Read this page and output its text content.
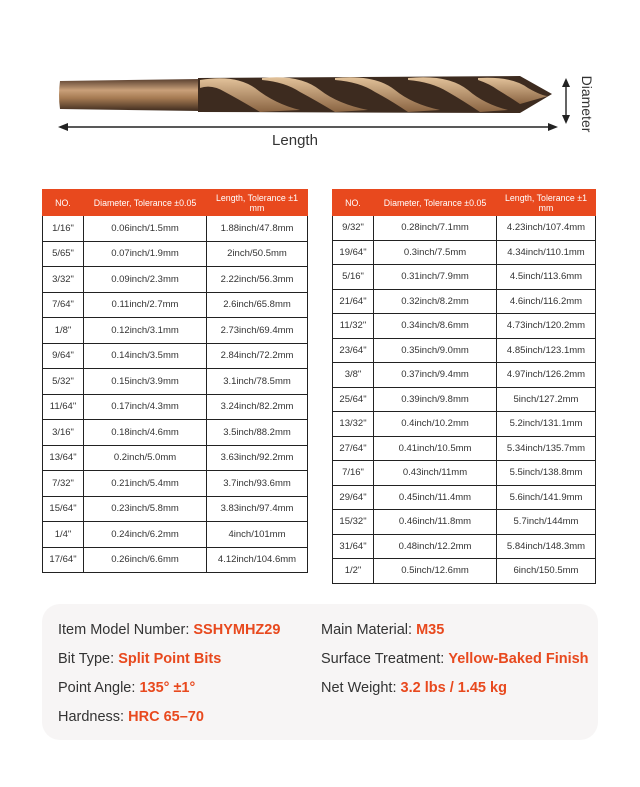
Length
Diameter
NO.	Diameter, Tolerance ±0.05	Length, Tolerance ±1 mm
1/16"	0.06inch/1.5mm	1.88inch/47.8mm
5/65"	0.07inch/1.9mm	2inch/50.5mm
3/32"	0.09inch/2.3mm	2.22inch/56.3mm
7/64"	0.11inch/2.7mm	2.6inch/65.8mm
1/8"	0.12inch/3.1mm	2.73inch/69.4mm
9/64"	0.14inch/3.5mm	2.84inch/72.2mm
5/32"	0.15inch/3.9mm	3.1inch/78.5mm
11/64"	0.17inch/4.3mm	3.24inch/82.2mm
3/16"	0.18inch/4.6mm	3.5inch/88.2mm
13/64"	0.2inch/5.0mm	3.63inch/92.2mm
7/32"	0.21inch/5.4mm	3.7inch/93.6mm
15/64"	0.23inch/5.8mm	3.83inch/97.4mm
1/4"	0.24inch/6.2mm	4inch/101mm
17/64"	0.26inch/6.6mm	4.12inch/104.6mm
NO.	Diameter, Tolerance ±0.05	Length, Tolerance ±1 mm
9/32"	0.28inch/7.1mm	4.23inch/107.4mm
19/64"	0.3inch/7.5mm	4.34inch/110.1mm
5/16"	0.31inch/7.9mm	4.5inch/113.6mm
21/64"	0.32inch/8.2mm	4.6inch/116.2mm
11/32"	0.34inch/8.6mm	4.73inch/120.2mm
23/64"	0.35inch/9.0mm	4.85inch/123.1mm
3/8"	0.37inch/9.4mm	4.97inch/126.2mm
25/64"	0.39inch/9.8mm	5inch/127.2mm
13/32"	0.4inch/10.2mm	5.2inch/131.1mm
27/64"	0.41inch/10.5mm	5.34inch/135.7mm
7/16"	0.43inch/11mm	5.5inch/138.8mm
29/64"	0.45inch/11.4mm	5.6inch/141.9mm
15/32"	0.46inch/11.8mm	5.7inch/144mm
31/64"	0.48inch/12.2mm	5.84inch/148.3mm
1/2"	0.5inch/12.6mm	6inch/150.5mm
Item Model Number: SSHYMHZ29	Main Material: M35
Bit Type: Split Point Bits	Surface Treatment: Yellow-Baked Finish
Point Angle: 135° ±1°	Net Weight: 3.2 lbs / 1.45 kg
Hardness: HRC 65–70
